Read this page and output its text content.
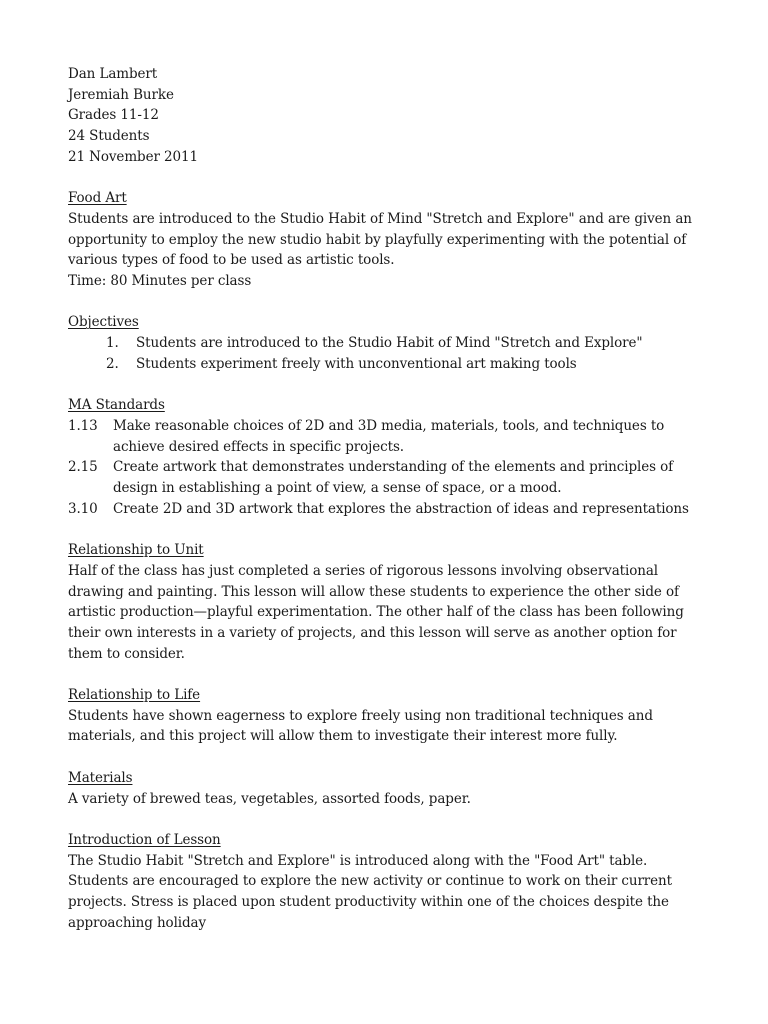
Dan Lambert
Jeremiah Burke
Grades 11-12
24 Students
21 November 2011
Food Art
Students are introduced to the Studio Habit of Mind "Stretch and Explore" and are given an opportunity to employ the new studio habit by playfully experimenting with the potential of various types of food to be used as artistic tools.
Time: 80 Minutes per class
Objectives
1.	Students are introduced to the Studio Habit of Mind "Stretch and Explore"
2.	Students experiment freely with unconventional art making tools
MA Standards
1.13	Make reasonable choices of 2D and 3D media, materials, tools, and techniques to achieve desired effects in specific projects.
2.15	Create artwork that demonstrates understanding of the elements and principles of design in establishing a point of view, a sense of space, or a mood.
3.10	Create 2D and 3D artwork that explores the abstraction of ideas and representations
Relationship to Unit
Half of the class has just completed a series of rigorous lessons involving observational drawing and painting. This lesson will allow these students to experience the other side of artistic production—playful experimentation. The other half of the class has been following their own interests in a variety of projects, and this lesson will serve as another option for them to consider.
Relationship to Life
Students have shown eagerness to explore freely using non traditional techniques and materials, and this project will allow them to investigate their interest more fully.
Materials
A variety of brewed teas, vegetables, assorted foods, paper.
Introduction of Lesson
The Studio Habit "Stretch and Explore" is introduced along with the "Food Art" table. Students are encouraged to explore the new activity or continue to work on their current projects. Stress is placed upon student productivity within one of the choices despite the approaching holiday
